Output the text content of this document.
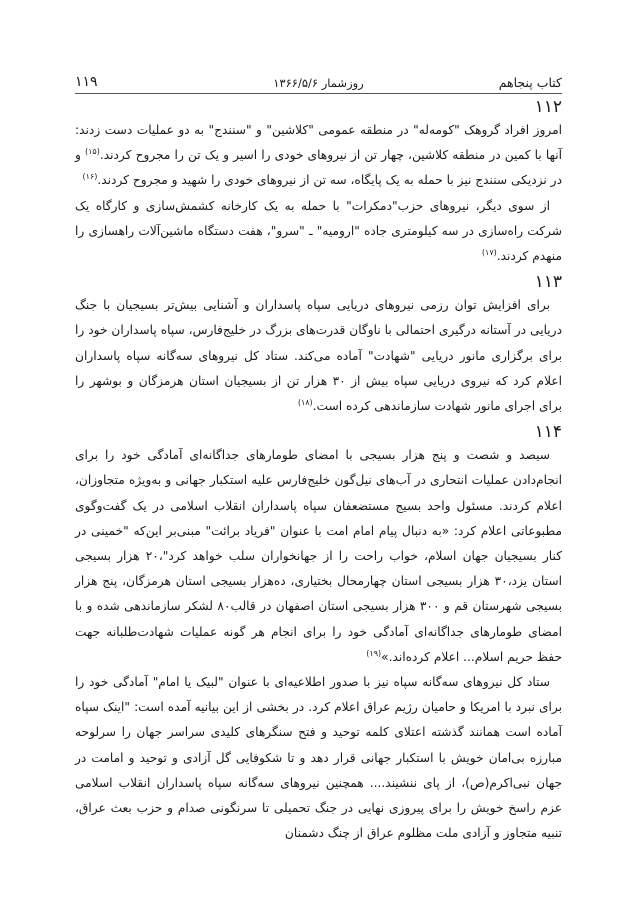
کتاب پنجاهم
روزشمار ۱۳۶۶/۵/۶
۱۱۹
۱۱۲

امروز افراد گروهک "کومه‌له" در منطقه عمومی "کلاشین" و "سنندج" به دو عملیات دست زدند: آنها با کمین در منطقه کلاشین، چهار تن از نیروهای خودی را اسیر و یک تن را مجروح کردند.$^{(۱۵)}$ و در نزدیکی سنندج نیز با حمله به یک پایگاه، سه تن از نیروهای خودی را شهید و مجروح کردند.$^{(۱۶)}$

از سوی دیگر، نیروهای حزب"دمکرات" با حمله به یک کارخانه کشمش‌سازی و کارگاه یک شرکت راه‌سازی در سه کیلومتری جاده "ارومیه" ـ "سرو"، هفت دستگاه ماشین‌آلات راهسازی را منهدم کردند.$^{(۱۷)}$

۱۱۳

برای افزایش توان رزمی نیروهای دریایی سپاه پاسداران و آشنایی بیش‌تر بسیجیان با جنگ دریایی در آستانه درگیری احتمالی با ناوگان قدرت‌های بزرگ در خلیج‌فارس، سپاه پاسداران خود را برای برگزاری مانور دریایی "شهادت" آماده می‌کند. ستاد کل نیروهای سه‌گانه سپاه پاسداران اعلام کرد که نیروی دریایی سپاه بیش از ۳۰ هزار تن از بسیجیان استان هرمزگان و بوشهر را برای اجرای مانور شهادت سازماندهی کرده است.$^{(۱۸)}$

۱۱۴

سیصد و شصت و پنج هزار بسیجی با امضای طومارهای جداگانه‌ای آمادگی خود را برای انجام‌دادن عملیات انتحاری در آب‌های نیل‌گون خلیج‌فارس علیه استکبار جهانی و به‌ویژه متجاوزان، اعلام کردند. مسئول واحد بسیج مستضعفان سپاه پاسداران انقلاب اسلامی در یک گفت‌وگوی مطبوعاتی اعلام کرد: «به دنبال پیام امام امت با عنوان "فریاد برائت" مبنی‌بر این‌که "خمینی در کنار بسیجیان جهان اسلام، خواب راحت را از جهانخواران سلب خواهد کرد"،۲۰ هزار بسیجی استان یزد،۳۰ هزار بسیجی استان چهارمحال بختیاری، ده‌هزار بسیجی استان هرمزگان، پنج هزار بسیجی شهرستان قم و ۳۰۰ هزار بسیجی استان اصفهان در قالب۸۰ لشکر سازماندهی شده و با امضای طومارهای جداگانه‌ای آمادگی خود را برای انجام هر گونه عملیات شهادت‌طلبانه جهت حفظ حریم اسلام... اعلام کرده‌اند.»$^{(۱۹)}$

ستاد کل نیروهای سه‌گانه سپاه نیز با صدور اطلاعیه‌ای با عنوان "لبیک یا امام" آمادگی خود را برای نبرد با امریکا و حامیان رژیم عراق اعلام کرد. در بخشی از این بیانیه آمده است: "اینک سپاه آماده است همانند گذشته اعتلای کلمه توحید و فتح سنگرهای کلیدی سراسر جهان را سرلوحه مبارزه بی‌امان خویش با استکبار جهانی قرار دهد و تا شکوفایی گل آزادی و توحید و امامت در جهان نبی‌اکرم(ص)، از پای ننشیند.... همچنین نیروهای سه‌گانه سپاه پاسداران انقلاب اسلامی عزم راسخ خویش را برای پیروزی نهایی در جنگ تحمیلی تا سرنگونی صدام و حزب بعث عراق، تنبیه متجاوز و آزادی ملت مظلوم عراق از چنگ دشمنان
